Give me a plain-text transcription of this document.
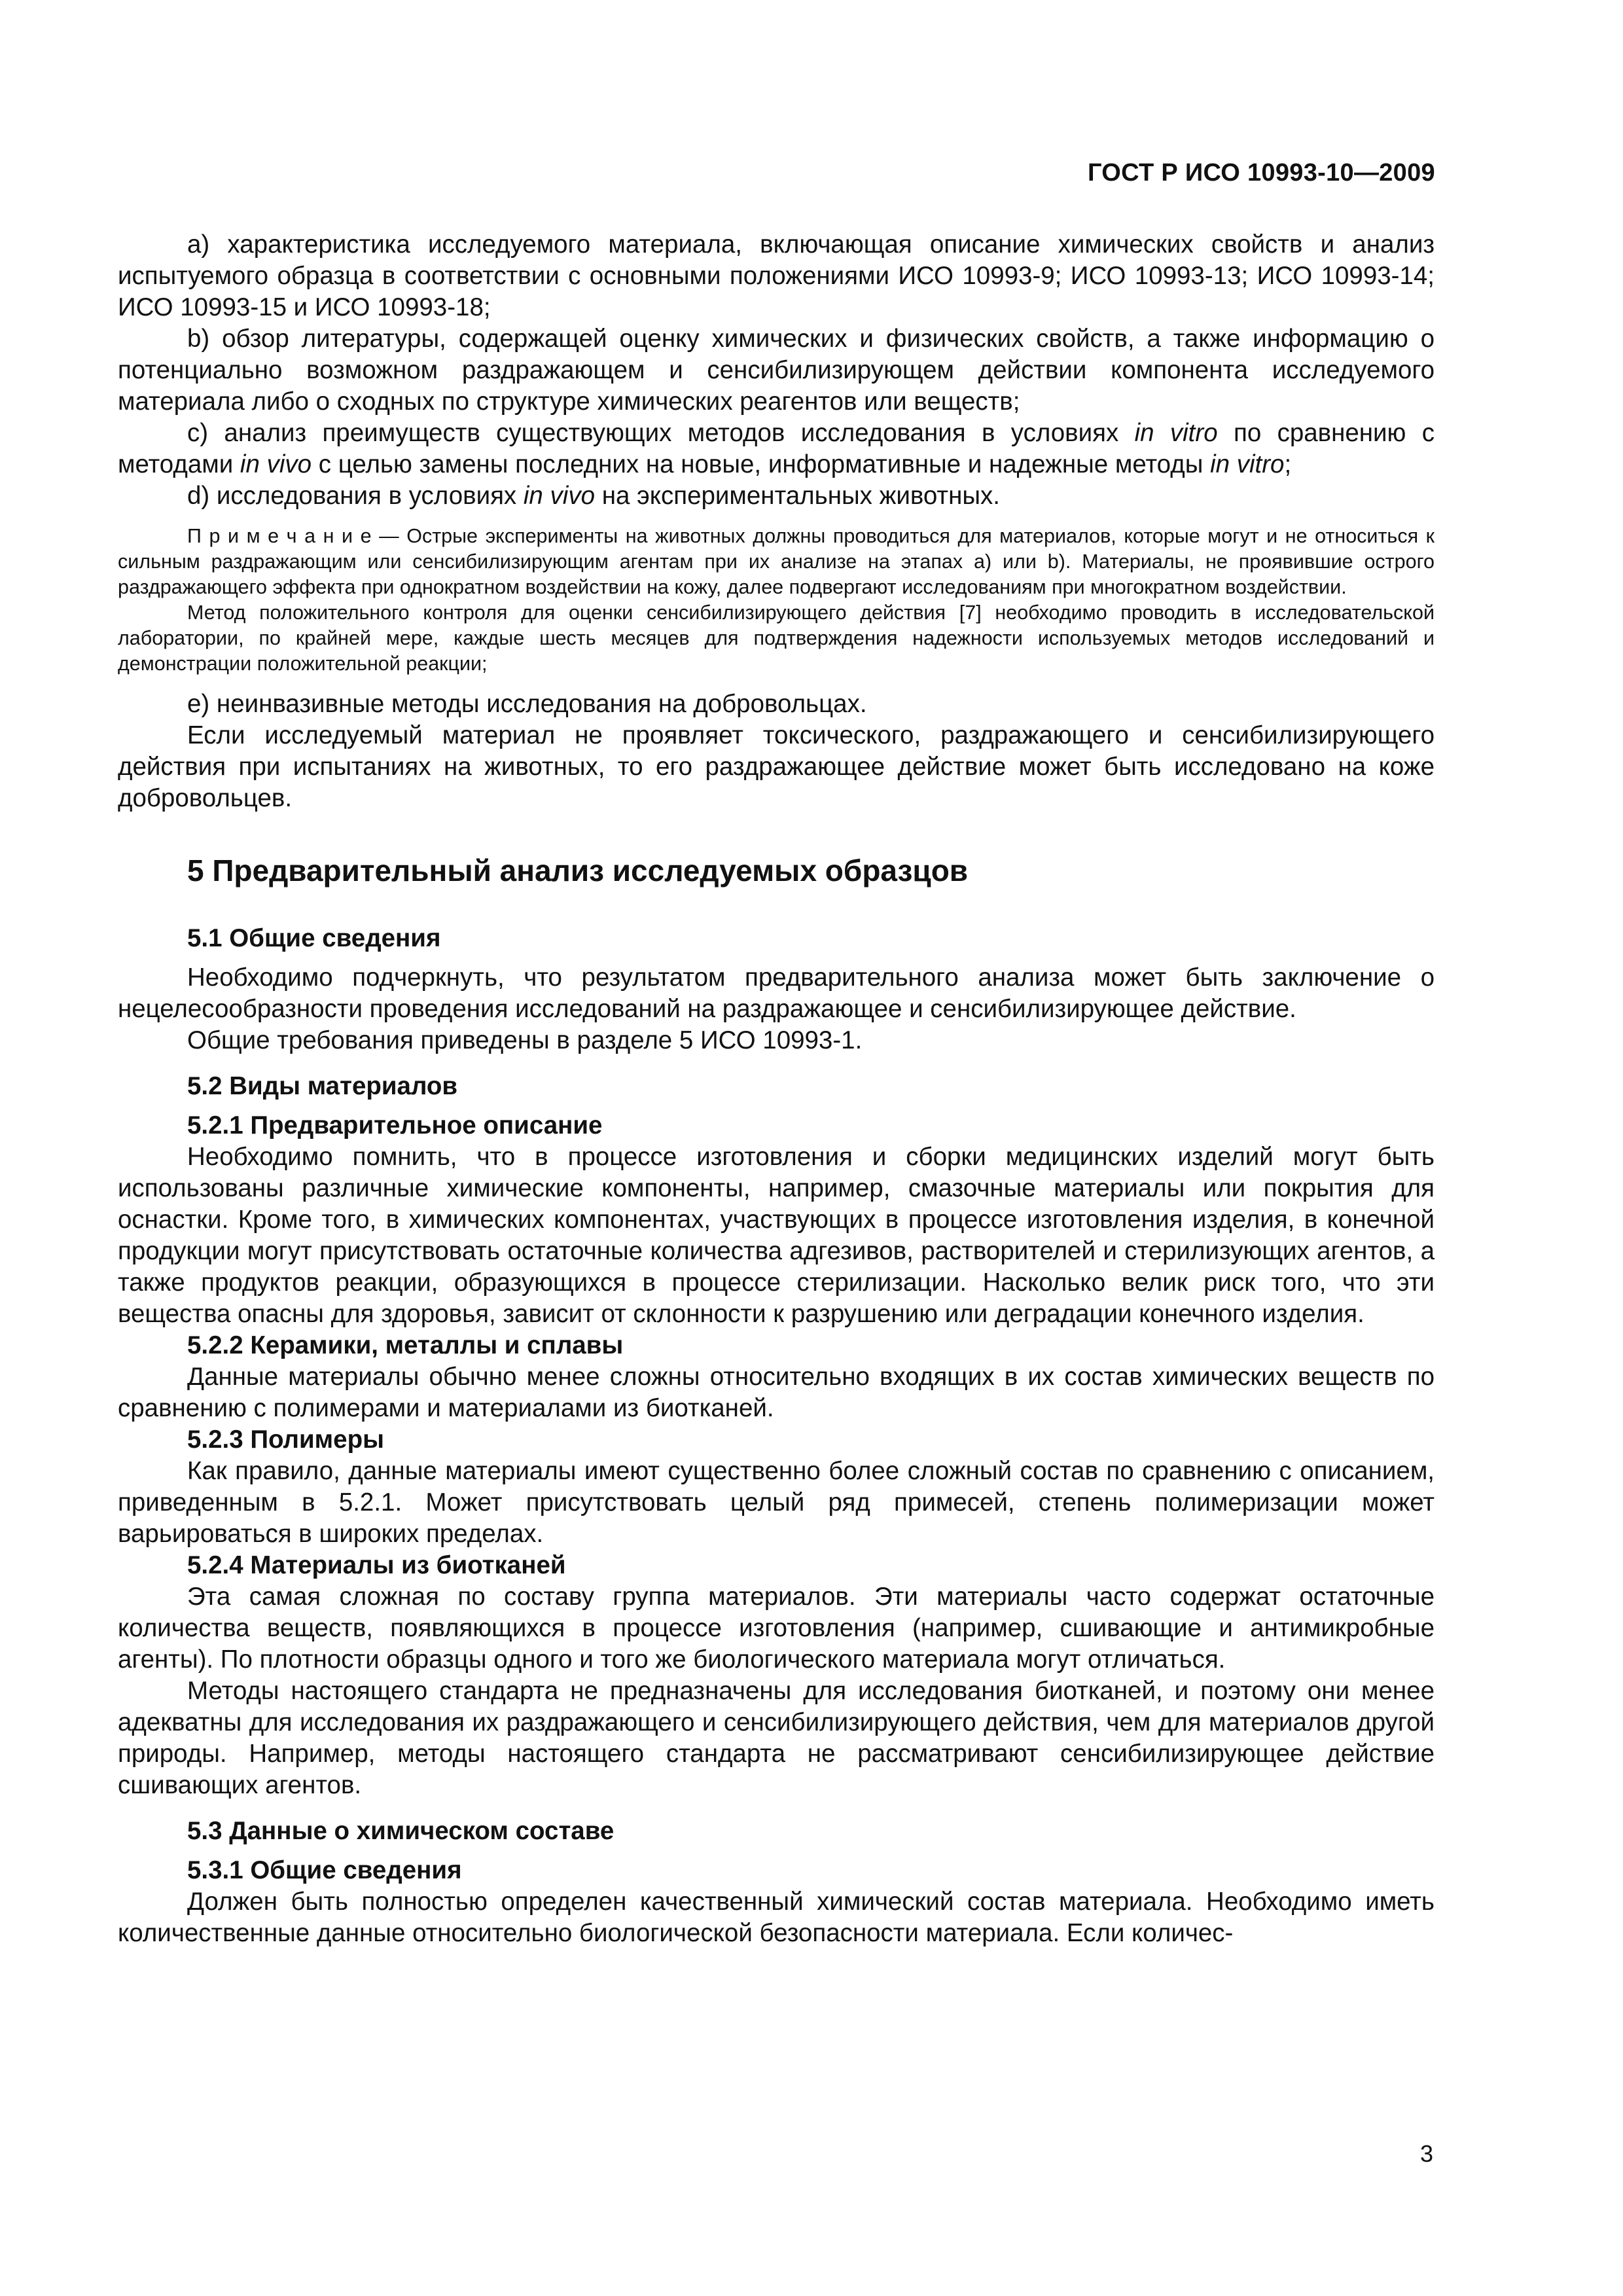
ГОСТ Р ИСО 10993-10—2009

а) характеристика исследуемого материала, включающая описание химических свойств и анализ испытуемого образца в соответствии с основными положениями ИСО 10993-9; ИСО 10993-13; ИСО 10993-14; ИСО 10993-15 и ИСО 10993-18;

b) обзор литературы, содержащей оценку химических и физических свойств, а также информацию о потенциально возможном раздражающем и сенсибилизирующем действии компонента исследуемого материала либо о сходных по структуре химических реагентов или веществ;

c) анализ преимуществ существующих методов исследования в условиях in vitro по сравнению с методами in vivo с целью замены последних на новые, информативные и надежные методы in vitro;

d) исследования в условиях in vivo на экспериментальных животных.

П р и м е ч а н и е — Острые эксперименты на животных должны проводиться для материалов, которые могут и не относиться к сильным раздражающим или сенсибилизирующим агентам при их анализе на этапах а) или b). Материалы, не проявившие острого раздражающего эффекта при однократном воздействии на кожу, далее подвергают исследованиям при многократном воздействии.

Метод положительного контроля для оценки сенсибилизирующего действия [7] необходимо проводить в исследовательской лаборатории, по крайней мере, каждые шесть месяцев для подтверждения надежности используемых методов исследований и демонстрации положительной реакции;

е) неинвазивные методы исследования на добровольцах.

Если исследуемый материал не проявляет токсического, раздражающего и сенсибилизирующего действия при испытаниях на животных, то его раздражающее действие может быть исследовано на коже добровольцев.

5 Предварительный анализ исследуемых образцов
5.1 Общие сведения

Необходимо подчеркнуть, что результатом предварительного анализа может быть заключение о нецелесообразности проведения исследований на раздражающее и сенсибилизирующее действие.

Общие требования приведены в разделе 5 ИСО 10993-1.

5.2 Виды материалов
5.2.1 Предварительное описание

Необходимо помнить, что в процессе изготовления и сборки медицинских изделий могут быть использованы различные химические компоненты, например, смазочные материалы или покрытия для оснастки. Кроме того, в химических компонентах, участвующих в процессе изготовления изделия, в конечной продукции могут присутствовать остаточные количества адгезивов, растворителей и стерилизующих агентов, а также продуктов реакции, образующихся в процессе стерилизации. Насколько велик риск того, что эти вещества опасны для здоровья, зависит от склонности к разрушению или деградации конечного изделия.

5.2.2 Керамики, металлы и сплавы

Данные материалы обычно менее сложны относительно входящих в их состав химических веществ по сравнению с полимерами и материалами из биотканей.

5.2.3 Полимеры

Как правило, данные материалы имеют существенно более сложный состав по сравнению с описанием, приведенным в 5.2.1. Может присутствовать целый ряд примесей, степень полимеризации может варьироваться в широких пределах.

5.2.4 Материалы из биотканей

Эта самая сложная по составу группа материалов. Эти материалы часто содержат остаточные количества веществ, появляющихся в процессе изготовления (например, сшивающие и антимикробные агенты). По плотности образцы одного и того же биологического материала могут отличаться.

Методы настоящего стандарта не предназначены для исследования биотканей, и поэтому они менее адекватны для исследования их раздражающего и сенсибилизирующего действия, чем для материалов другой природы. Например, методы настоящего стандарта не рассматривают сенсибилизирующее действие сшивающих агентов.

5.3 Данные о химическом составе
5.3.1 Общие сведения

Должен быть полностью определен качественный химический состав материала. Необходимо иметь количественные данные относительно биологической безопасности материала. Если количес-

3
